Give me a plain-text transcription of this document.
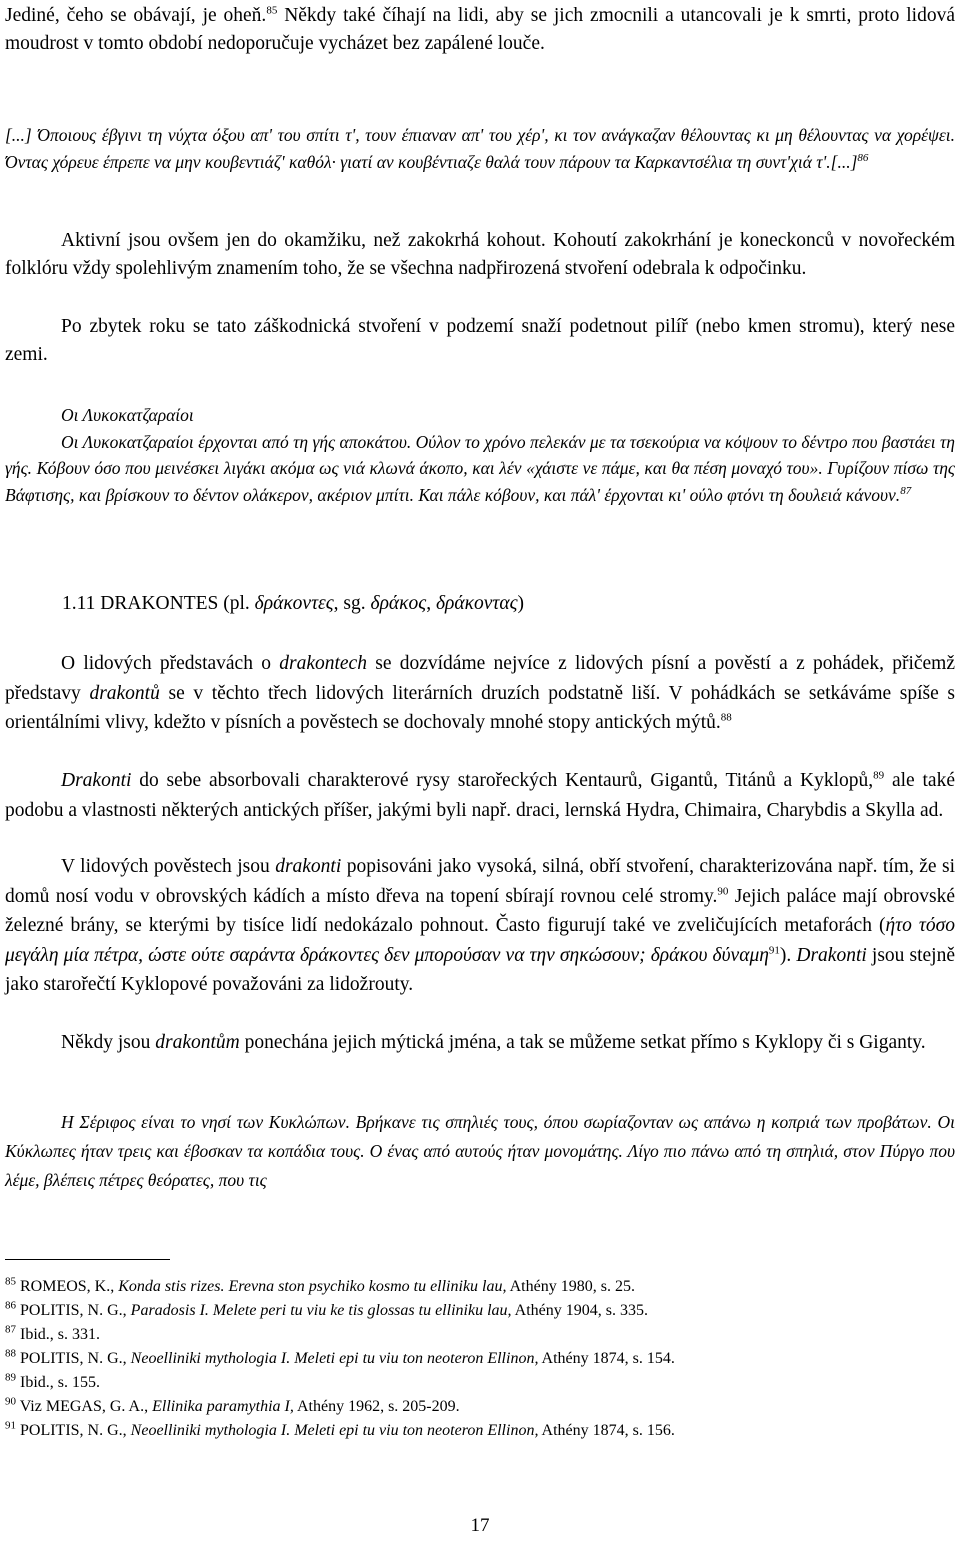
Jediné, čeho se obávají, je oheň.$^{85}$ Někdy také číhají na lidi, aby se jich zmocnili a utancovali je k smrti, proto lidová moudrost v tomto období nedoporučuje vycházet bez zapálené louče.

[...] Όποιους έβγινι τη νύχτα όξου απ' του σπίτι τ', τουν έπιαναν απ' του χέρ', κι τον ανάγκαζαν θέλουντας κι μη θέλουντας να χορέψει. Όντας χόρευε έπρεπε να μην κουβεντιάζ' καθόλ· γιατί αν κουβέντιαζε θαλά τουν πάρουν τα Καρκαντσέλια τη συντ'χιά τ'.[...]$^{86}$

Aktivní jsou ovšem jen do okamžiku, než zakokrhá kohout. Kohoutí zakokrhání je koneckonců v novořeckém folklóru vždy spolehlivým znamením toho, že se všechna nadpřirozená stvoření odebrala k odpočinku.

Po zbytek roku se tato záškodnická stvoření v podzemí snaží podetnout pilíř (nebo kmen stromu), který nese zemi.

Οι Λυκοκατζαραίοι

Οι Λυκοκατζαραίοι έρχονται από τη γής αποκάτου. Ούλον το χρόνο πελεκάν με τα τσεκούρια να κόψουν το δέντρο που βαστάει τη γής. Κόβουν όσο που μεινέσκει λιγάκι ακόμα ως νιά κλωνά άκοπο, και λέν «χάιστε νε πάμε, και θα πέση μοναχό του». Γυρίζουν πίσω της Βάφτισης, και βρίσκουν το δέντον ολάκερον, ακέριον μπίτι. Και πάλε κόβουν, και πάλ' έρχονται κι' ούλο φτόνι τη δουλειά κάνουν.$^{87}$

1.11 DRAKONTES (pl. δράκοντες, sg. δράκος, δράκοντας)

O lidových představách o drakontech se dozvídáme nejvíce z lidových písní a pověstí a z pohádek, přičemž představy drakontů se v těchto třech lidových literárních druzích podstatně liší. V pohádkách se setkáváme spíše s orientálními vlivy, kdežto v písních a pověstech se dochovaly mnohé stopy antických mýtů.$^{88}$

Drakonti do sebe absorbovali charakterové rysy starořeckých Kentaurů, Gigantů, Titánů a Kyklopů,$^{89}$ ale také podobu a vlastnosti některých antických příšer, jakými byli např. draci, lernská Hydra, Chimaira, Charybdis a Skylla ad.

V lidových pověstech jsou drakonti popisováni jako vysoká, silná, obří stvoření, charakterizována např. tím, že si domů nosí vodu v obrovských kádích a místo dřeva na topení sbírají rovnou celé stromy.$^{90}$ Jejich paláce mají obrovské železné brány, se kterými by tisíce lidí nedokázalo pohnout. Často figurují také ve zveličujících metaforách (ήτο τόσο μεγάλη μία πέτρα, ώστε ούτε σαράντα δράκοντες δεν μπορούσαν να την σηκώσουν; δράκου δύναμη$^{91}$). Drakonti jsou stejně jako starořečtí Kyklopové považováni za lidožrouty.

Někdy jsou drakontům ponechána jejich mýtická jména, a tak se můžeme setkat přímo s Kyklopy či s Giganty.

Η Σέριφος είναι το νησί των Κυκλώπων. Βρήκανε τις σπηλιές τους, όπου σωρίαζονταν ως απάνω η κοπριά των προβάτων. Οι Κύκλωπες ήταν τρεις και έβοσκαν τα κοπάδια τους. Ο ένας από αυτούς ήταν μονομάτης. Λίγο πιο πάνω από τη σπηλιά, στον Πύργο που λέμε, βλέπεις πέτρες θεόρατες, που τις

$^{85}$ ROMEOS, K., Konda stis rizes. Erevna ston psychiko kosmo tu elliniku lau, Athény 1980, s. 25.

$^{86}$ POLITIS, N. G., Paradosis I. Melete peri tu viu ke tis glossas tu elliniku lau, Athény 1904, s. 335.

$^{87}$ Ibid., s. 331.

$^{88}$ POLITIS, N. G., Neoelliniki mythologia I. Meleti epi tu viu ton neoteron Ellinon, Athény 1874, s. 154.

$^{89}$ Ibid., s. 155.

$^{90}$ Viz MEGAS, G. A., Ellinika paramythia I, Athény 1962, s. 205-209.

$^{91}$ POLITIS, N. G., Neoelliniki mythologia I. Meleti epi tu viu ton neoteron Ellinon, Athény 1874, s. 156.

17
